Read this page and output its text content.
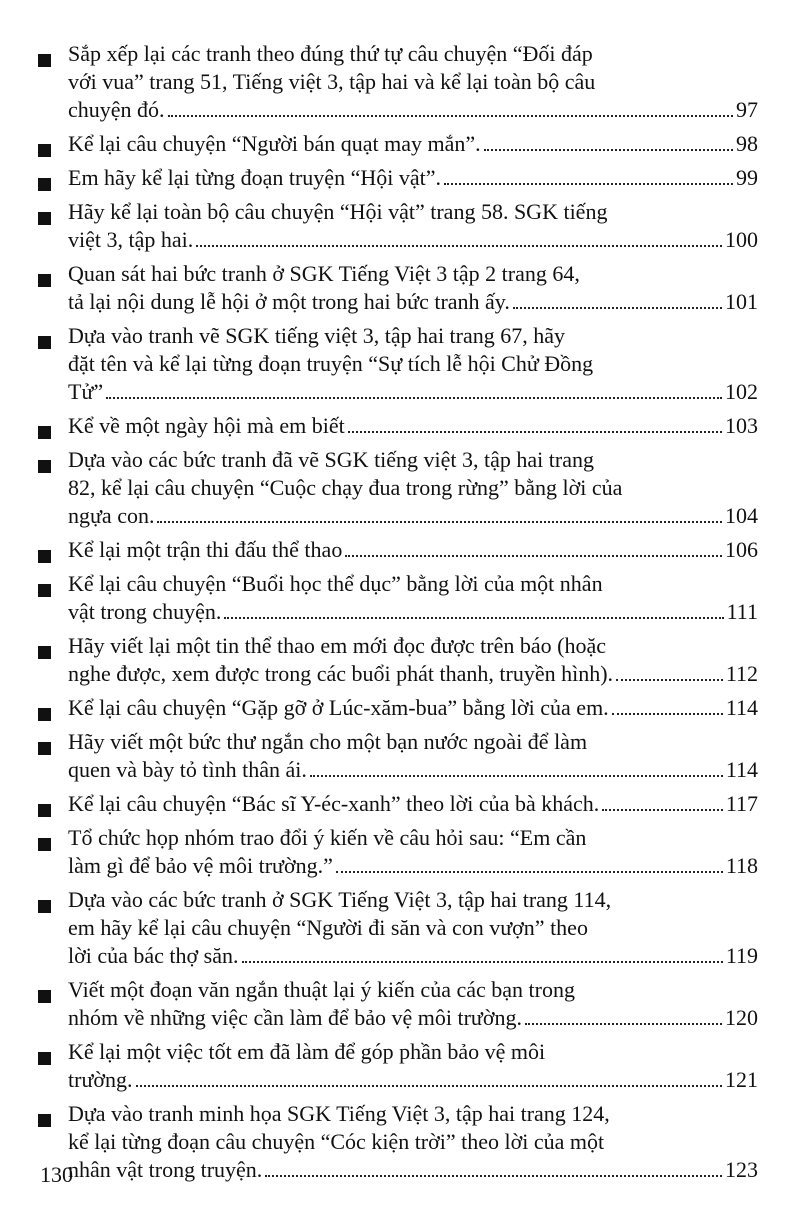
Sắp xếp lại các tranh theo đúng thứ tự câu chuyện “Đối đáp
với vua” trang 51, Tiếng việt 3, tập hai và kể lại toàn bộ câu
chuyện đó.	97
Kể lại câu chuyện “Người bán quạt may mắn”.	98
Em hãy kể lại từng đoạn truyện “Hội vật”.	99
Hãy kể lại toàn bộ câu chuyện “Hội vật” trang 58. SGK tiếng
việt 3, tập hai.	100
Quan sát hai bức tranh ở SGK Tiếng Việt 3 tập 2 trang 64,
tả lại nội dung lễ hội ở một trong hai bức tranh ấy.	101
Dựa vào tranh vẽ SGK tiếng việt 3, tập hai trang 67, hãy
đặt tên và kể lại từng đoạn truyện “Sự tích lễ hội Chử Đồng
Tử”	102
Kể về một ngày hội mà em biết	103
Dựa vào các bức tranh đã vẽ SGK tiếng việt 3, tập hai trang
82, kể lại câu chuyện “Cuộc chạy đua trong rừng” bằng lời của
ngựa con.	104
Kể lại một trận thi đấu thể thao	106
Kể lại câu chuyện “Buổi học thể dục” bằng lời của một nhân
vật trong chuyện.	111
Hãy viết lại một tin thể thao em mới đọc được trên báo (hoặc
nghe được, xem được trong các buổi phát thanh, truyền hình).	112
Kể lại câu chuyện “Gặp gỡ ở Lúc-xăm-bua” bằng lời của em.	114
Hãy viết một bức thư ngắn cho một bạn nước ngoài để làm
quen và bày tỏ tình thân ái.	114
Kể lại câu chuyện “Bác sĩ Y-éc-xanh” theo lời của bà khách.	117
Tổ chức họp nhóm trao đổi ý kiến về câu hỏi sau: “Em cần
làm gì để bảo vệ môi trường.”	118
Dựa vào các bức tranh ở SGK Tiếng Việt 3, tập hai trang 114,
em hãy kể lại câu chuyện “Người đi săn và con vượn” theo
lời của bác thợ săn.	119
Viết một đoạn văn ngắn thuật lại ý kiến của các bạn trong
nhóm về những việc cần làm để bảo vệ môi trường.	120
Kể lại một việc tốt em đã làm để góp phần bảo vệ môi
trường.	121
Dựa vào tranh minh họa SGK Tiếng Việt 3, tập hai trang 124,
kể lại từng đoạn câu chuyện “Cóc kiện trời” theo lời của một
nhân vật trong truyện.	123
130
